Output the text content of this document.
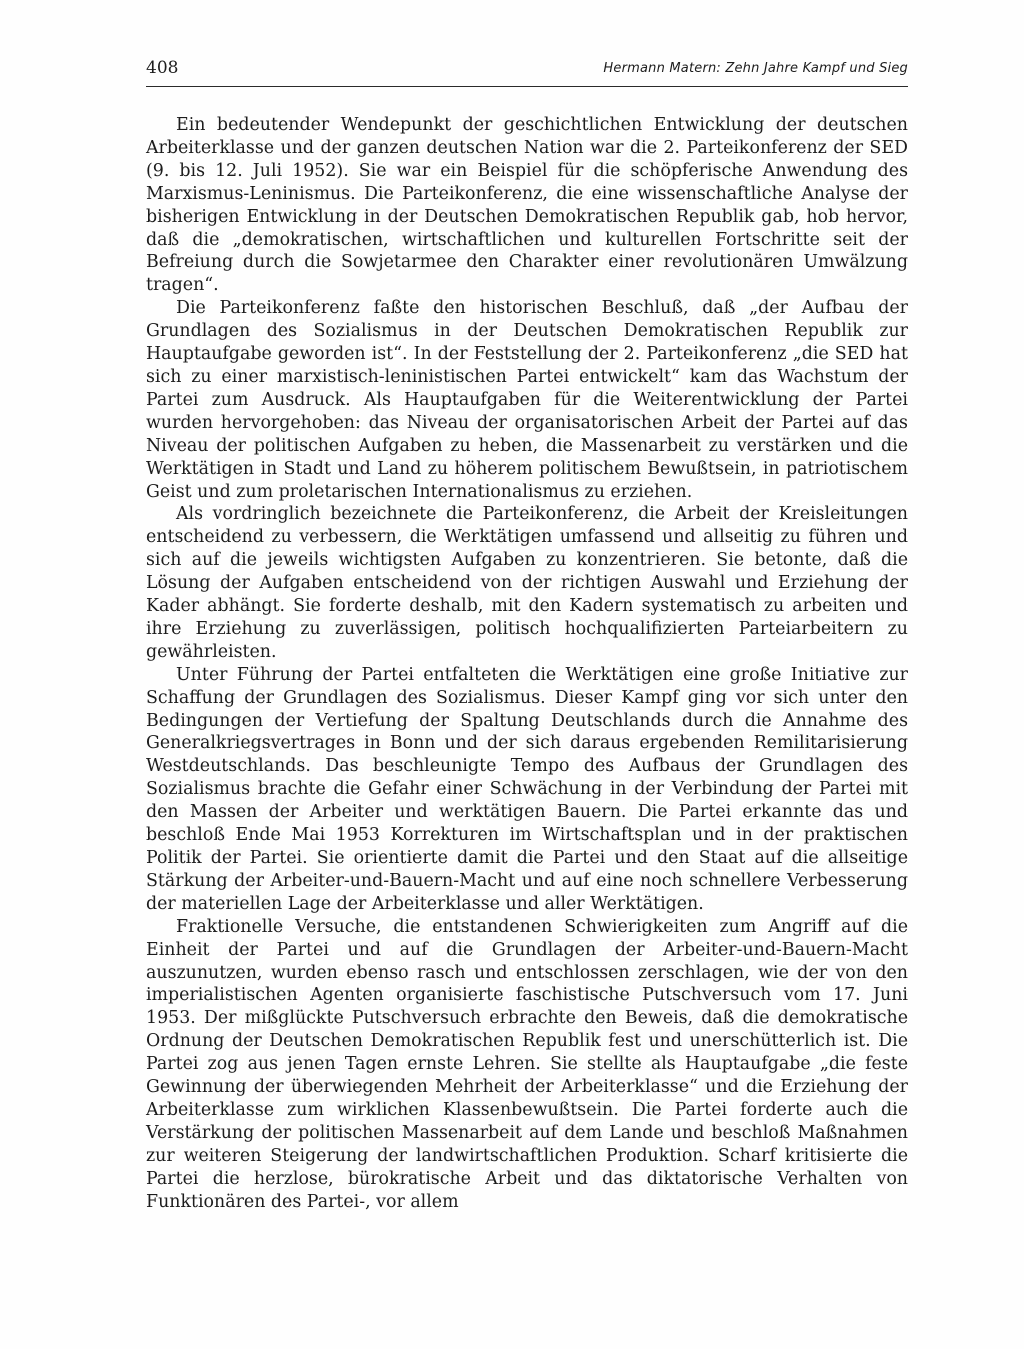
408	Hermann Matern: Zehn Jahre Kampf und Sieg

Ein bedeutender Wendepunkt der geschichtlichen Entwicklung der deutschen Arbeiterklasse und der ganzen deutschen Nation war die 2. Parteikonferenz der SED (9. bis 12. Juli 1952). Sie war ein Beispiel für die schöpferische Anwendung des Marxismus-Leninismus. Die Parteikonferenz, die eine wissenschaftliche Analyse der bisherigen Entwicklung in der Deutschen Demokratischen Republik gab, hob hervor, daß die „demokratischen, wirtschaftlichen und kulturellen Fortschritte seit der Befreiung durch die Sowjetarmee den Charakter einer revolutionären Umwälzung tragen“.

Die Parteikonferenz faßte den historischen Beschluß, daß „der Aufbau der Grundlagen des Sozialismus in der Deutschen Demokratischen Republik zur Hauptaufgabe geworden ist“. In der Feststellung der 2. Parteikonferenz „die SED hat sich zu einer marxistisch-leninistischen Partei entwickelt“ kam das Wachstum der Partei zum Ausdruck. Als Hauptaufgaben für die Weiterentwicklung der Partei wurden hervorgehoben: das Niveau der organisatorischen Arbeit der Partei auf das Niveau der politischen Aufgaben zu heben, die Massenarbeit zu verstärken und die Werktätigen in Stadt und Land zu höherem politischem Bewußtsein, in patriotischem Geist und zum proletarischen Internationalismus zu erziehen.

Als vordringlich bezeichnete die Parteikonferenz, die Arbeit der Kreisleitungen entscheidend zu verbessern, die Werktätigen umfassend und allseitig zu führen und sich auf die jeweils wichtigsten Aufgaben zu konzentrieren. Sie betonte, daß die Lösung der Aufgaben entscheidend von der richtigen Auswahl und Erziehung der Kader abhängt. Sie forderte deshalb, mit den Kadern systematisch zu arbeiten und ihre Erziehung zu zuverlässigen, politisch hochqualifizierten Parteiarbeitern zu gewährleisten.

Unter Führung der Partei entfalteten die Werktätigen eine große Initiative zur Schaffung der Grundlagen des Sozialismus. Dieser Kampf ging vor sich unter den Bedingungen der Vertiefung der Spaltung Deutschlands durch die Annahme des Generalkriegsvertrages in Bonn und der sich daraus ergebenden Remilitarisierung Westdeutschlands. Das beschleunigte Tempo des Aufbaus der Grundlagen des Sozialismus brachte die Gefahr einer Schwächung in der Verbindung der Partei mit den Massen der Arbeiter und werktätigen Bauern. Die Partei erkannte das und beschloß Ende Mai 1953 Korrekturen im Wirtschaftsplan und in der praktischen Politik der Partei. Sie orientierte damit die Partei und den Staat auf die allseitige Stärkung der Arbeiter-und-Bauern-Macht und auf eine noch schnellere Verbesserung der materiellen Lage der Arbeiterklasse und aller Werktätigen.

Fraktionelle Versuche, die entstandenen Schwierigkeiten zum Angriff auf die Einheit der Partei und auf die Grundlagen der Arbeiter-und-Bauern-Macht auszunutzen, wurden ebenso rasch und entschlossen zerschlagen, wie der von den imperialistischen Agenten organisierte faschistische Putschversuch vom 17. Juni 1953. Der mißglückte Putschversuch erbrachte den Beweis, daß die demokratische Ordnung der Deutschen Demokratischen Republik fest und unerschütterlich ist. Die Partei zog aus jenen Tagen ernste Lehren. Sie stellte als Hauptaufgabe „die feste Gewinnung der überwiegenden Mehrheit der Arbeiterklasse“ und die Erziehung der Arbeiterklasse zum wirklichen Klassenbewußtsein. Die Partei forderte auch die Verstärkung der politischen Massenarbeit auf dem Lande und beschloß Maßnahmen zur weiteren Steigerung der landwirtschaftlichen Produktion. Scharf kritisierte die Partei die herzlose, bürokratische Arbeit und das diktatorische Verhalten von Funktionären des Partei-, vor allem
